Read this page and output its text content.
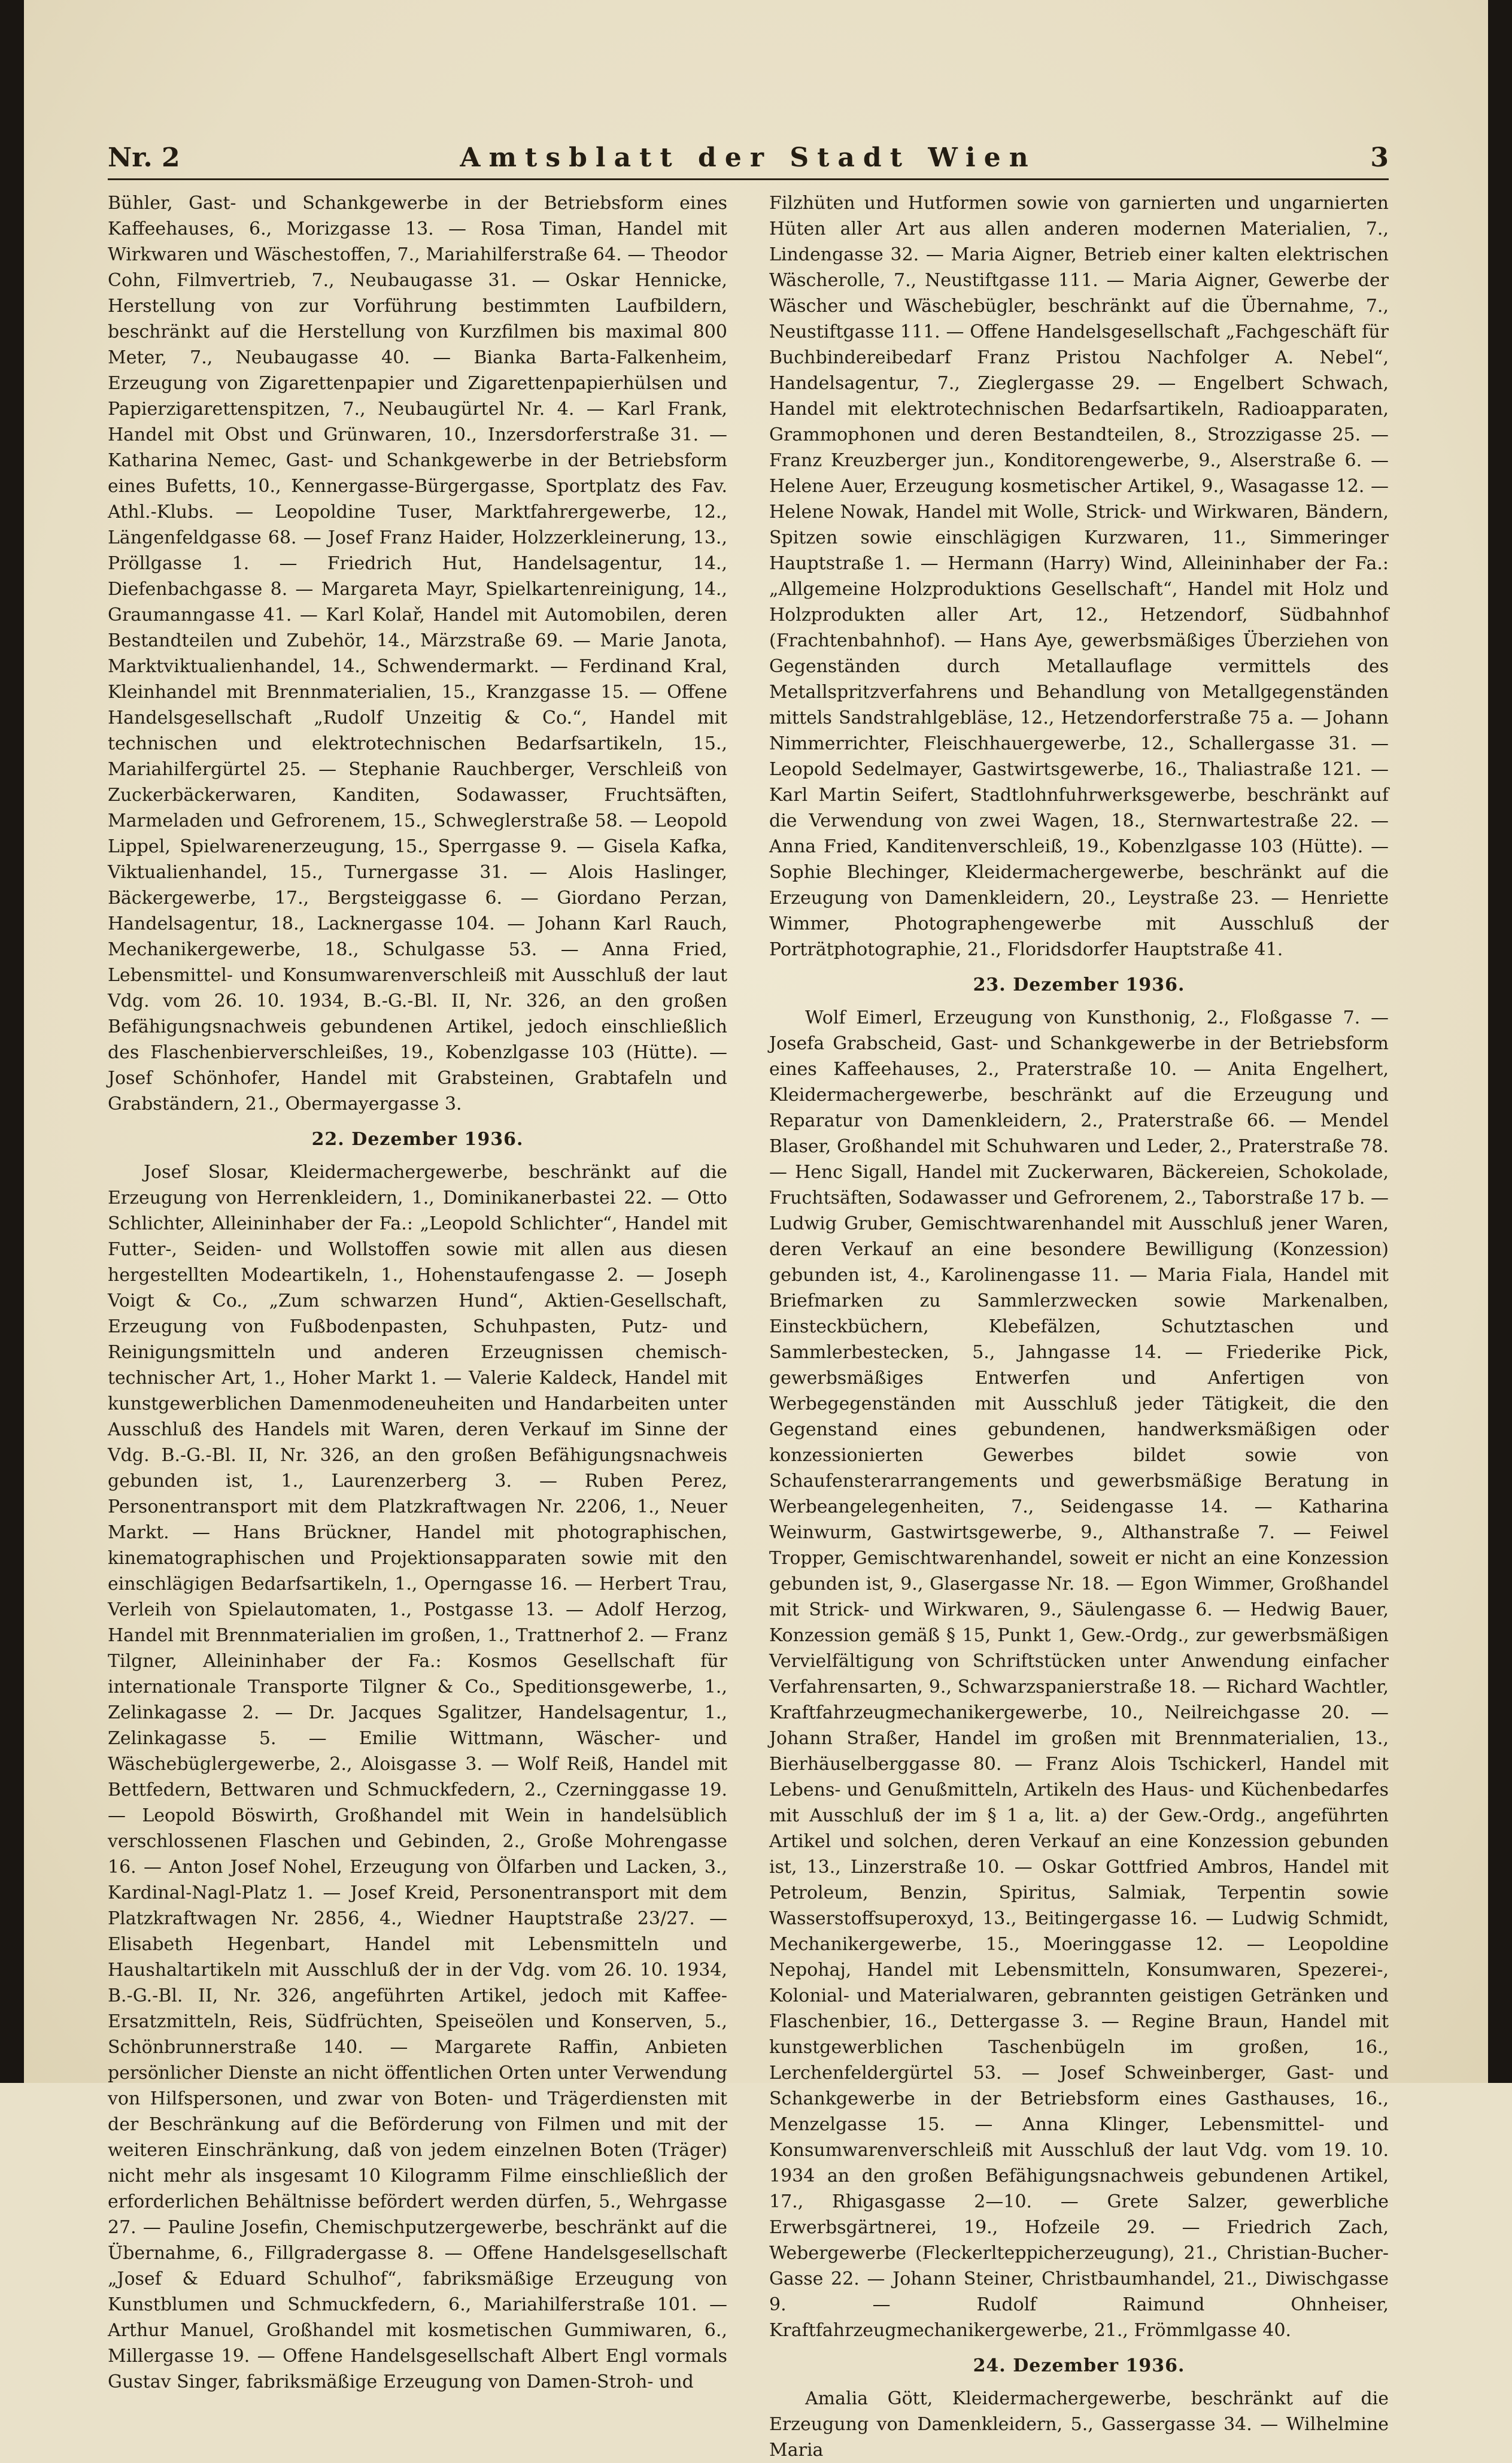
Nr. 2	Amtsblatt der Stadt Wien	3

Bühler, Gast- und Schankgewerbe in der Betriebsform eines Kaffeehauses, 6., Morizgasse 13. — Rosa Timan, Handel mit Wirkwaren und Wäschestoffen, 7., Mariahilferstraße 64. — Theodor Cohn, Filmvertrieb, 7., Neubaugasse 31. — Oskar Hennicke, Herstellung von zur Vorführung bestimmten Laufbildern, beschränkt auf die Herstellung von Kurzfilmen bis maximal 800 Meter, 7., Neubaugasse 40. — Bianka Barta-Falkenheim, Erzeugung von Zigarettenpapier und Zigarettenpapierhülsen und Papierzigarettenspitzen, 7., Neubaugürtel Nr. 4. — Karl Frank, Handel mit Obst und Grünwaren, 10., Inzersdorferstraße 31. — Katharina Nemec, Gast- und Schankgewerbe in der Betriebsform eines Bufetts, 10., Kennergasse-Bürgergasse, Sportplatz des Fav. Athl.-Klubs. — Leopoldine Tuser, Marktfahrergewerbe, 12., Längenfeldgasse 68. — Josef Franz Haider, Holzzerkleinerung, 13., Pröllgasse 1. — Friedrich Hut, Handelsagentur, 14., Diefenbachgasse 8. — Margareta Mayr, Spielkartenreinigung, 14., Graumanngasse 41. — Karl Kolař, Handel mit Automobilen, deren Bestandteilen und Zubehör, 14., Märzstraße 69. — Marie Janota, Marktviktualienhandel, 14., Schwendermarkt. — Ferdinand Kral, Kleinhandel mit Brennmaterialien, 15., Kranzgasse 15. — Offene Handelsgesellschaft „Rudolf Unzeitig & Co.“, Handel mit technischen und elektrotechnischen Bedarfsartikeln, 15., Mariahilfergürtel 25. — Stephanie Rauchberger, Verschleiß von Zuckerbäckerwaren, Kanditen, Sodawasser, Fruchtsäften, Marmeladen und Gefrorenem, 15., Schweglerstraße 58. — Leopold Lippel, Spielwarenerzeugung, 15., Sperrgasse 9. — Gisela Kafka, Viktualienhandel, 15., Turnergasse 31. — Alois Haslinger, Bäckergewerbe, 17., Bergsteiggasse 6. — Giordano Perzan, Handelsagentur, 18., Lacknergasse 104. — Johann Karl Rauch, Mechanikergewerbe, 18., Schulgasse 53. — Anna Fried, Lebensmittel- und Konsumwarenverschleiß mit Ausschluß der laut Vdg. vom 26. 10. 1934, B.-G.-Bl. II, Nr. 326, an den großen Befähigungsnachweis gebundenen Artikel, jedoch einschließlich des Flaschenbierverschleißes, 19., Kobenzlgasse 103 (Hütte). — Josef Schönhofer, Handel mit Grabsteinen, Grabtafeln und Grabständern, 21., Obermayergasse 3.

22. Dezember 1936.

Josef Slosar, Kleidermachergewerbe, beschränkt auf die Erzeugung von Herrenkleidern, 1., Dominikanerbastei 22. — Otto Schlichter, Alleininhaber der Fa.: „Leopold Schlichter“, Handel mit Futter-, Seiden- und Wollstoffen sowie mit allen aus diesen hergestellten Modeartikeln, 1., Hohenstaufengasse 2. — Joseph Voigt & Co., „Zum schwarzen Hund“, Aktien-Gesellschaft, Erzeugung von Fußbodenpasten, Schuhpasten, Putz- und Reinigungsmitteln und anderen Erzeugnissen chemisch-technischer Art, 1., Hoher Markt 1. — Valerie Kaldeck, Handel mit kunstgewerblichen Damenmodeneuheiten und Handarbeiten unter Ausschluß des Handels mit Waren, deren Verkauf im Sinne der Vdg. B.-G.-Bl. II, Nr. 326, an den großen Befähigungsnachweis gebunden ist, 1., Laurenzerberg 3. — Ruben Perez, Personentransport mit dem Platzkraftwagen Nr. 2206, 1., Neuer Markt. — Hans Brückner, Handel mit photographischen, kinematographischen und Projektionsapparaten sowie mit den einschlägigen Bedarfsartikeln, 1., Operngasse 16. — Herbert Trau, Verleih von Spielautomaten, 1., Postgasse 13. — Adolf Herzog, Handel mit Brennmaterialien im großen, 1., Trattnerhof 2. — Franz Tilgner, Alleininhaber der Fa.: Kosmos Gesellschaft für internationale Transporte Tilgner & Co., Speditionsgewerbe, 1., Zelinkagasse 2. — Dr. Jacques Sgalitzer, Handelsagentur, 1., Zelinkagasse 5. — Emilie Wittmann, Wäscher- und Wäschebüglergewerbe, 2., Aloisgasse 3. — Wolf Reiß, Handel mit Bettfedern, Bettwaren und Schmuckfedern, 2., Czerninggasse 19. — Leopold Böswirth, Großhandel mit Wein in handelsüblich verschlossenen Flaschen und Gebinden, 2., Große Mohrengasse 16. — Anton Josef Nohel, Erzeugung von Ölfarben und Lacken, 3., Kardinal-Nagl-Platz 1. — Josef Kreid, Personentransport mit dem Platzkraftwagen Nr. 2856, 4., Wiedner Hauptstraße 23/27. — Elisabeth Hegenbart, Handel mit Lebensmitteln und Haushaltartikeln mit Ausschluß der in der Vdg. vom 26. 10. 1934, B.-G.-Bl. II, Nr. 326, angeführten Artikel, jedoch mit Kaffee-Ersatzmitteln, Reis, Südfrüchten, Speiseölen und Konserven, 5., Schönbrunnerstraße 140. — Margarete Raffin, Anbieten persönlicher Dienste an nicht öffentlichen Orten unter Verwendung von Hilfspersonen, und zwar von Boten- und Trägerdiensten mit der Beschränkung auf die Beförderung von Filmen und mit der weiteren Einschränkung, daß von jedem einzelnen Boten (Träger) nicht mehr als insgesamt 10 Kilogramm Filme einschließlich der erforderlichen Behältnisse befördert werden dürfen, 5., Wehrgasse 27. — Pauline Josefin, Chemischputzergewerbe, beschränkt auf die Übernahme, 6., Fillgradergasse 8. — Offene Handelsgesellschaft „Josef & Eduard Schulhof“, fabriksmäßige Erzeugung von Kunstblumen und Schmuckfedern, 6., Mariahilferstraße 101. — Arthur Manuel, Großhandel mit kosmetischen Gummiwaren, 6., Millergasse 19. — Offene Handelsgesellschaft Albert Engl vormals Gustav Singer, fabriksmäßige Erzeugung von Damen-Stroh- und

Filzhüten und Hutformen sowie von garnierten und ungarnierten Hüten aller Art aus allen anderen modernen Materialien, 7., Lindengasse 32. — Maria Aigner, Betrieb einer kalten elektrischen Wäscherolle, 7., Neustiftgasse 111. — Maria Aigner, Gewerbe der Wäscher und Wäschebügler, beschränkt auf die Übernahme, 7., Neustiftgasse 111. — Offene Handelsgesellschaft „Fachgeschäft für Buchbindereibedarf Franz Pristou Nachfolger A. Nebel“, Handelsagentur, 7., Zieglergasse 29. — Engelbert Schwach, Handel mit elektrotechnischen Bedarfsartikeln, Radioapparaten, Grammophonen und deren Bestandteilen, 8., Strozzigasse 25. — Franz Kreuzberger jun., Konditorengewerbe, 9., Alserstraße 6. — Helene Auer, Erzeugung kosmetischer Artikel, 9., Wasagasse 12. — Helene Nowak, Handel mit Wolle, Strick- und Wirkwaren, Bändern, Spitzen sowie einschlägigen Kurzwaren, 11., Simmeringer Hauptstraße 1. — Hermann (Harry) Wind, Alleininhaber der Fa.: „Allgemeine Holzproduktions Gesellschaft“, Handel mit Holz und Holzprodukten aller Art, 12., Hetzendorf, Südbahnhof (Frachtenbahnhof). — Hans Aye, gewerbsmäßiges Überziehen von Gegenständen durch Metallauflage vermittels des Metallspritzverfahrens und Behandlung von Metallgegenständen mittels Sandstrahlgebläse, 12., Hetzendorferstraße 75 a. — Johann Nimmerrichter, Fleischhauergewerbe, 12., Schallergasse 31. — Leopold Sedelmayer, Gastwirtsgewerbe, 16., Thaliastraße 121. — Karl Martin Seifert, Stadtlohnfuhrwerksgewerbe, beschränkt auf die Verwendung von zwei Wagen, 18., Sternwartestraße 22. — Anna Fried, Kanditenverschleiß, 19., Kobenzlgasse 103 (Hütte). — Sophie Blechinger, Kleidermachergewerbe, beschränkt auf die Erzeugung von Damenkleidern, 20., Leystraße 23. — Henriette Wimmer, Photographengewerbe mit Ausschluß der Porträtphotographie, 21., Floridsdorfer Hauptstraße 41.

23. Dezember 1936.

Wolf Eimerl, Erzeugung von Kunsthonig, 2., Floßgasse 7. — Josefa Grabscheid, Gast- und Schankgewerbe in der Betriebsform eines Kaffeehauses, 2., Praterstraße 10. — Anita Engelhert, Kleidermachergewerbe, beschränkt auf die Erzeugung und Reparatur von Damenkleidern, 2., Praterstraße 66. — Mendel Blaser, Großhandel mit Schuhwaren und Leder, 2., Praterstraße 78. — Henc Sigall, Handel mit Zuckerwaren, Bäckereien, Schokolade, Fruchtsäften, Sodawasser und Gefrorenem, 2., Taborstraße 17 b. — Ludwig Gruber, Gemischtwarenhandel mit Ausschluß jener Waren, deren Verkauf an eine besondere Bewilligung (Konzession) gebunden ist, 4., Karolinengasse 11. — Maria Fiala, Handel mit Briefmarken zu Sammlerzwecken sowie Markenalben, Einsteckbüchern, Klebefälzen, Schutztaschen und Sammlerbestecken, 5., Jahngasse 14. — Friederike Pick, gewerbsmäßiges Entwerfen und Anfertigen von Werbegegenständen mit Ausschluß jeder Tätigkeit, die den Gegenstand eines gebundenen, handwerksmäßigen oder konzessionierten Gewerbes bildet sowie von Schaufensterarrangements und gewerbsmäßige Beratung in Werbeangelegenheiten, 7., Seidengasse 14. — Katharina Weinwurm, Gastwirtsgewerbe, 9., Althanstraße 7. — Feiwel Tropper, Gemischtwarenhandel, soweit er nicht an eine Konzession gebunden ist, 9., Glasergasse Nr. 18. — Egon Wimmer, Großhandel mit Strick- und Wirkwaren, 9., Säulengasse 6. — Hedwig Bauer, Konzession gemäß § 15, Punkt 1, Gew.-Ordg., zur gewerbsmäßigen Vervielfältigung von Schriftstücken unter Anwendung einfacher Verfahrensarten, 9., Schwarzspanierstraße 18. — Richard Wachtler, Kraftfahrzeugmechanikergewerbe, 10., Neilreichgasse 20. — Johann Straßer, Handel im großen mit Brennmaterialien, 13., Bierhäuselberggasse 80. — Franz Alois Tschickerl, Handel mit Lebens- und Genußmitteln, Artikeln des Haus- und Küchenbedarfes mit Ausschluß der im § 1 a, lit. a) der Gew.-Ordg., angeführten Artikel und solchen, deren Verkauf an eine Konzession gebunden ist, 13., Linzerstraße 10. — Oskar Gottfried Ambros, Handel mit Petroleum, Benzin, Spiritus, Salmiak, Terpentin sowie Wasserstoffsuperoxyd, 13., Beitingergasse 16. — Ludwig Schmidt, Mechanikergewerbe, 15., Moeringgasse 12. — Leopoldine Nepohaj, Handel mit Lebensmitteln, Konsumwaren, Spezerei-, Kolonial- und Materialwaren, gebrannten geistigen Getränken und Flaschenbier, 16., Dettergasse 3. — Regine Braun, Handel mit kunstgewerblichen Taschenbügeln im großen, 16., Lerchenfeldergürtel 53. — Josef Schweinberger, Gast- und Schankgewerbe in der Betriebsform eines Gasthauses, 16., Menzelgasse 15. — Anna Klinger, Lebensmittel- und Konsumwarenverschleiß mit Ausschluß der laut Vdg. vom 19. 10. 1934 an den großen Befähigungsnachweis gebundenen Artikel, 17., Rhigasgasse 2—10. — Grete Salzer, gewerbliche Erwerbsgärtnerei, 19., Hofzeile 29. — Friedrich Zach, Webergewerbe (Fleckerlteppicherzeugung), 21., Christian-Bucher-Gasse 22. — Johann Steiner, Christbaumhandel, 21., Diwischgasse 9. — Rudolf Raimund Ohnheiser, Kraftfahrzeugmechanikergewerbe, 21., Frömmlgasse 40.

24. Dezember 1936.

Amalia Gött, Kleidermachergewerbe, beschränkt auf die Erzeugung von Damenkleidern, 5., Gassergasse 34. — Wilhelmine Maria
